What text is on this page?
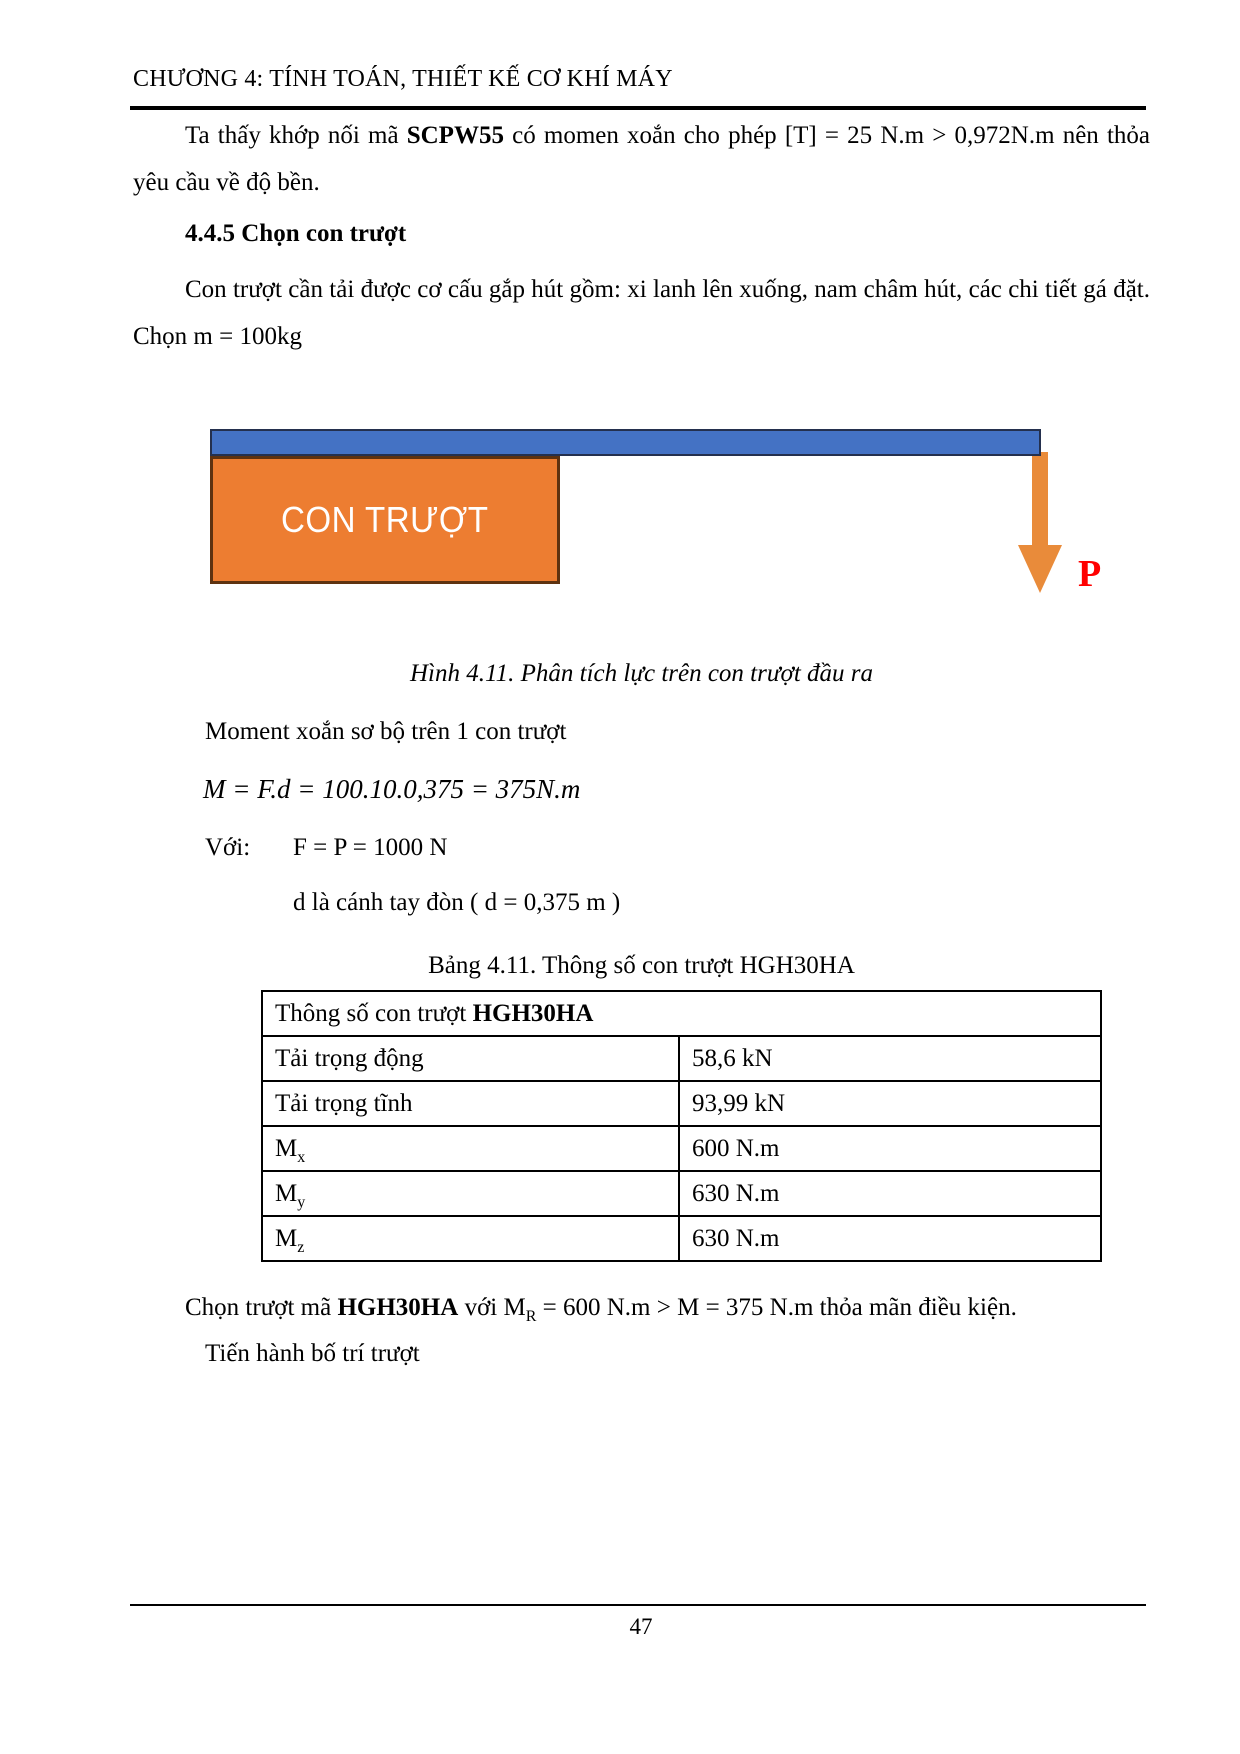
CHƯƠNG 4: TÍNH TOÁN, THIẾT KẾ CƠ KHÍ MÁY

Ta thấy khớp nối mã SCPW55 có momen xoắn cho phép [T] = 25 N.m > 0,972N.m nên thỏa yêu cầu về độ bền.

4.4.5 Chọn con trượt

Con trượt cần tải được cơ cấu gắp hút gồm: xi lanh lên xuống, nam châm hút, các chi tiết gá đặt. Chọn m = 100kg

CON TRƯỢT
P
Hình 4.11. Phân tích lực trên con trượt đầu ra
Moment xoắn sơ bộ trên 1 con trượt
M = F.d = 100.10.0,375 = 375N.m
Với: F = P = 1000 N
d là cánh tay đòn ( d = 0,375 m )
Bảng 4.11. Thông số con trượt HGH30HA
Thông số con trượt HGH30HA	
Tải trọng động	58,6 kN
Tải trọng tĩnh	93,99 kN
$M_x$	600 N.m
$M_y$	630 N.m
$M_z$	630 N.m

Chọn trượt mã HGH30HA với $M_R = 600$ N.m > M = 375 N.m thỏa mãn điều kiện.

Tiến hành bố trí trượt
47
